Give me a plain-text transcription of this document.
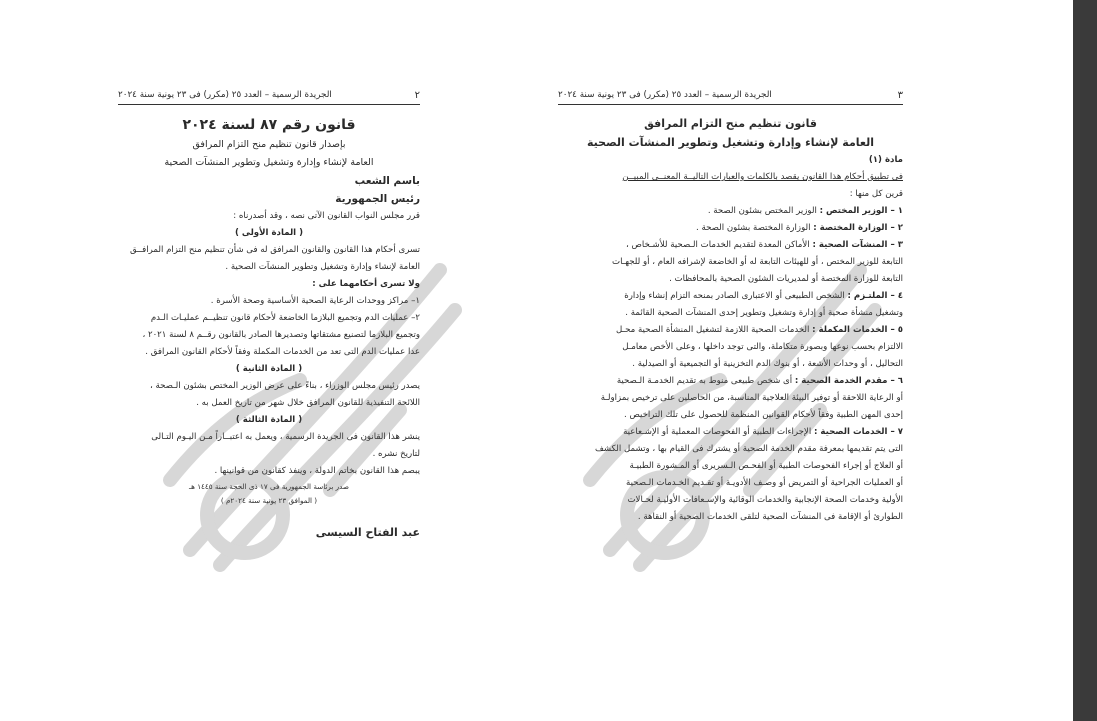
٢
الجريدة الرسمية – العدد ٢٥ (مكرر) فى ٢٣ يونية سنة ٢٠٢٤
قانون رقم ٨٧ لسنة ٢٠٢٤
بإصدار قانون تنظيم منح التزام المرافق
العامة لإنشاء وإدارة وتشغيل وتطوير المنشآت الصحية
باسم الشعب
رئيس الجمهورية

قرر مجلس النواب القانون الآتى نصه ، وقد أصدرناه :

( المادة الأولى )

تسرى أحكام هذا القانون والقانون المرافق له فى شأن تنظيم منح التزام المرافــق

العامة لإنشاء وإدارة وتشغيل وتطوير المنشآت الصحية .

ولا تسرى أحكامهما على :

١– مراكز ووحدات الرعاية الصحية الأساسية وصحة الأسرة .

٢– عمليات الدم وتجميع البلازما الخاضعة لأحكام قانون تنظيــم عمليـات الـدم

وتجميع البلازما لتصنيع مشتقاتها وتصديرها الصادر بالقانون رقــم ٨ لسنة ٢٠٢١ ،

عدا عمليات الدم التى تعد من الخدمات المكملة وفقاً لأحكام القانون المرافق .

( المادة الثانية )

يصدر رئيس مجلس الوزراء ، بناءً على عرض الوزير المختص بشئون الـصحة ،

اللائحة التنفيذية للقانون المرافق خلال شهر من تاريخ العمل به .

( المادة الثالثة )

ينشر هذا القانون فى الجريدة الرسمية ، ويعمل به اعتبــاراً مـن اليـوم التـالى

لتاريخ نشره .

يبصم هذا القانون بخاتم الدولة ، وينفذ كقانون من قوانينها .

صدر برئاسة الجمهورية فى ١٧ ذى الحجة سنة ١٤٤٥ هـ
( الموافق ٢٣ يونية سنة ٢٠٢٤م )
عبد الفتاح السيسى
٣
الجريدة الرسمية – العدد ٢٥ (مكرر) فى ٢٣ يونية سنة ٢٠٢٤
قانون تنظيم منح التزام المرافق
العامة لإنشاء وإدارة وتشغيل وتطوير المنشآت الصحية
مادة (١)

فى تطبيق أحكام هذا القانون يقصد بالكلمات والعبارات التاليــة المعنــى المبيــن

قرين كل منها :

١ – الوزير المختص : الوزير المختص بشئون الصحة .

٢ – الوزارة المختصة : الوزارة المختصة بشئون الصحة .

٣ – المنشآت الصحية : الأماكن المعدة لتقديم الخدمات الـصحية للأشـخاص ،

التابعة للوزير المختص ، أو للهيئات التابعة له أو الخاضعة لإشرافه العام ، أو للجهـات

التابعة للوزارة المختصة أو لمديريات الشئون الصحية بالمحافظات .

٤ – الملتـزم : الشخص الطبيعى أو الاعتبارى الصادر بمنحه التزام إنشاء وإدارة

وتشغيل منشأة صحية أو إدارة وتشغيل وتطوير إحدى المنشآت الصحية القائمة .

٥ – الخدمات المكملة : الخدمات الصحية اللازمة لتشغيل المنشأة الصحية محـل

الالتزام بحسب نوعها وبصورة متكاملة، والتى توجد داخلها ، وعلى الأخص معامـل

التحاليل ، أو وحدات الأشعة ، أو بنوك الدم التخزينية أو التجميعية أو الصيدلية .

٦ – مقدم الخدمة الصحية : أى شخص طبيعى منوط به تقديم الخدمـة الـصحية

أو الرعاية اللاحقة أو توفير البيئة العلاجية المناسبة، من الحاصلين على ترخيص بمزاولـة

إحدى المهن الطبية وفقاً لأحكام القوانين المنظمة للحصول على تلك التراخيص .

٧ – الخدمات الصحية : الإجراءات الطبية أو الفحوصات المعملية أو الإشـعاعية

التى يتم تقديمها بمعرفة مقدم الخدمة الصحية أو يشترك فى القيام بها ، وتشمل الكشف

أو العلاج أو إجراء الفحوصات الطبية أو الفحـص الـسريرى أو المـشورة الطبيـة

أو العمليات الجراحية أو التمريض أو وصـف الأدويـة أو تقـديم الخـدمات الـصحية

الأولية وخدمات الصحة الإنجابية والخدمات الوقائية والإسـعافات الأوليـة لحـالات

الطوارئ أو الإقامة فى المنشآت الصحية لتلقى الخدمات الصحية أو النقاهة .
